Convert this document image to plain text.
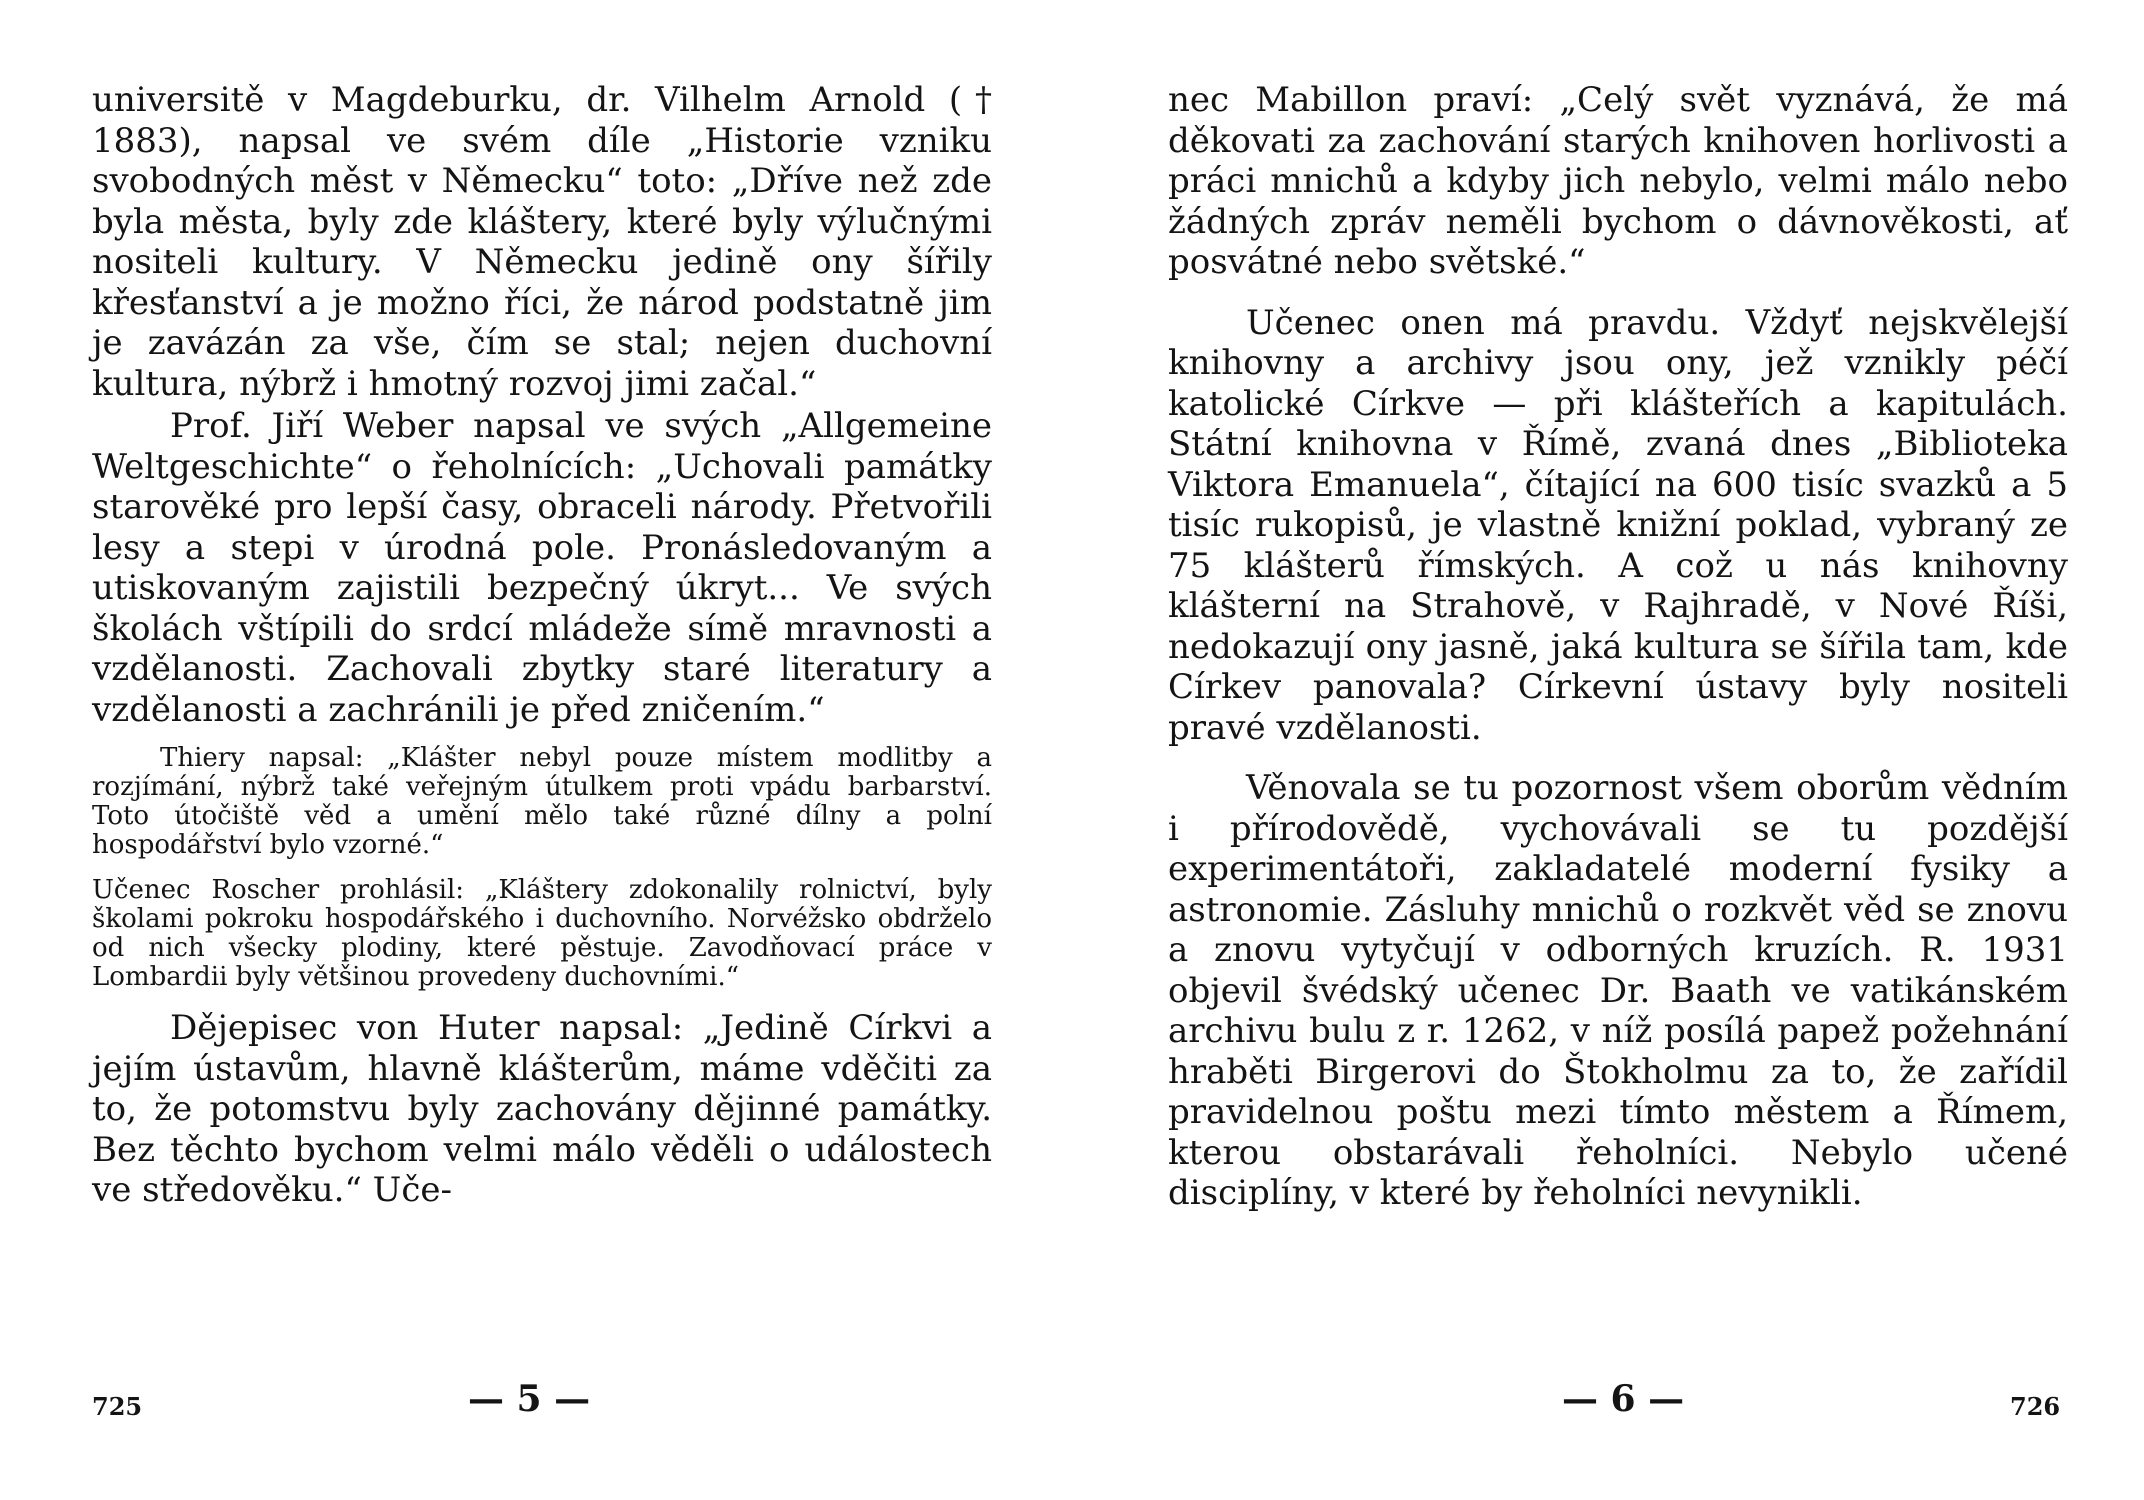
universitě v Magdeburku, dr. Vilhelm Arnold († 1883), napsal ve svém díle „Historie vzniku svobodných měst v Německu“ toto: „Dříve než zde byla města, byly zde kláštery, které byly výlučnými nositeli kultury. V Německu jedině ony šířily křesťanství a je možno říci, že národ podstatně jim je zavázán za vše, čím se stal; nejen duchovní kultura, nýbrž i hmotný rozvoj jimi začal.“

Prof. Jiří Weber napsal ve svých „Allgemeine Weltgeschichte“ o řeholnících: „Uchovali památky starověké pro lepší časy, obraceli národy. Přetvořili lesy a stepi v úrodná pole. Pronásledovaným a utiskovaným zajistili bezpečný úkryt... Ve svých školách vštípili do srdcí mládeže símě mravnosti a vzdělanosti. Zachovali zbytky staré literatury a vzdělanosti a zachránili je před zničením.“

Thiery napsal: „Klášter nebyl pouze místem modlitby a rozjímání, nýbrž také veřejným útulkem proti vpádu barbarství. Toto útočiště věd a umění mělo také různé dílny a polní hospodářství bylo vzorné.“

Učenec Roscher prohlásil: „Kláštery zdokonalily rolnictví, byly školami pokroku hospodářského i duchovního. Norvéžsko obdrželo od nich všecky plodiny, které pěstuje. Zavodňovací práce v Lombardii byly většinou provedeny duchovními.“

Dějepisec von Huter napsal: „Jedině Církvi a jejím ústavům, hlavně klášterům, máme vděčiti za to, že potomstvu byly zachovány dějinné památky. Bez těchto bychom velmi málo věděli o událostech ve středověku.“ Uče-

nec Mabillon praví: „Celý svět vyznává, že má děkovati za zachování starých knihoven horlivosti a práci mnichů a kdyby jich nebylo, velmi málo nebo žádných zpráv neměli bychom o dávnověkosti, ať posvátné nebo světské.“

Učenec onen má pravdu. Vždyť nejskvělejší knihovny a archivy jsou ony, jež vznikly péčí katolické Církve — při klášteřích a kapitulách. Státní knihovna v Římě, zvaná dnes „Biblioteka Viktora Emanuela“, čítající na 600 tisíc svazků a 5 tisíc rukopisů, je vlastně knižní poklad, vybraný ze 75 klášterů římských. A což u nás knihovny klášterní na Strahově, v Rajhradě, v Nové Říši, nedokazují ony jasně, jaká kultura se šířila tam, kde Církev panovala? Církevní ústavy byly nositeli pravé vzdělanosti.

Věnovala se tu pozornost všem oborům vědním i přírodovědě, vychovávali se tu pozdější experimentátoři, zakladatelé moderní fysiky a astronomie. Zásluhy mnichů o rozkvět věd se znovu a znovu vytyčují v odborných kruzích. R. 1931 objevil švédský učenec Dr. Baath ve vatikánském archivu bulu z r. 1262, v níž posílá papež požehnání hraběti Birgerovi do Štokholmu za to, že zařídil pravidelnou poštu mezi tímto městem a Římem, kterou obstarávali řeholníci. Nebylo učené disciplíny, v které by řeholníci nevynikli.

725	— 5 —	— 6 —	726
